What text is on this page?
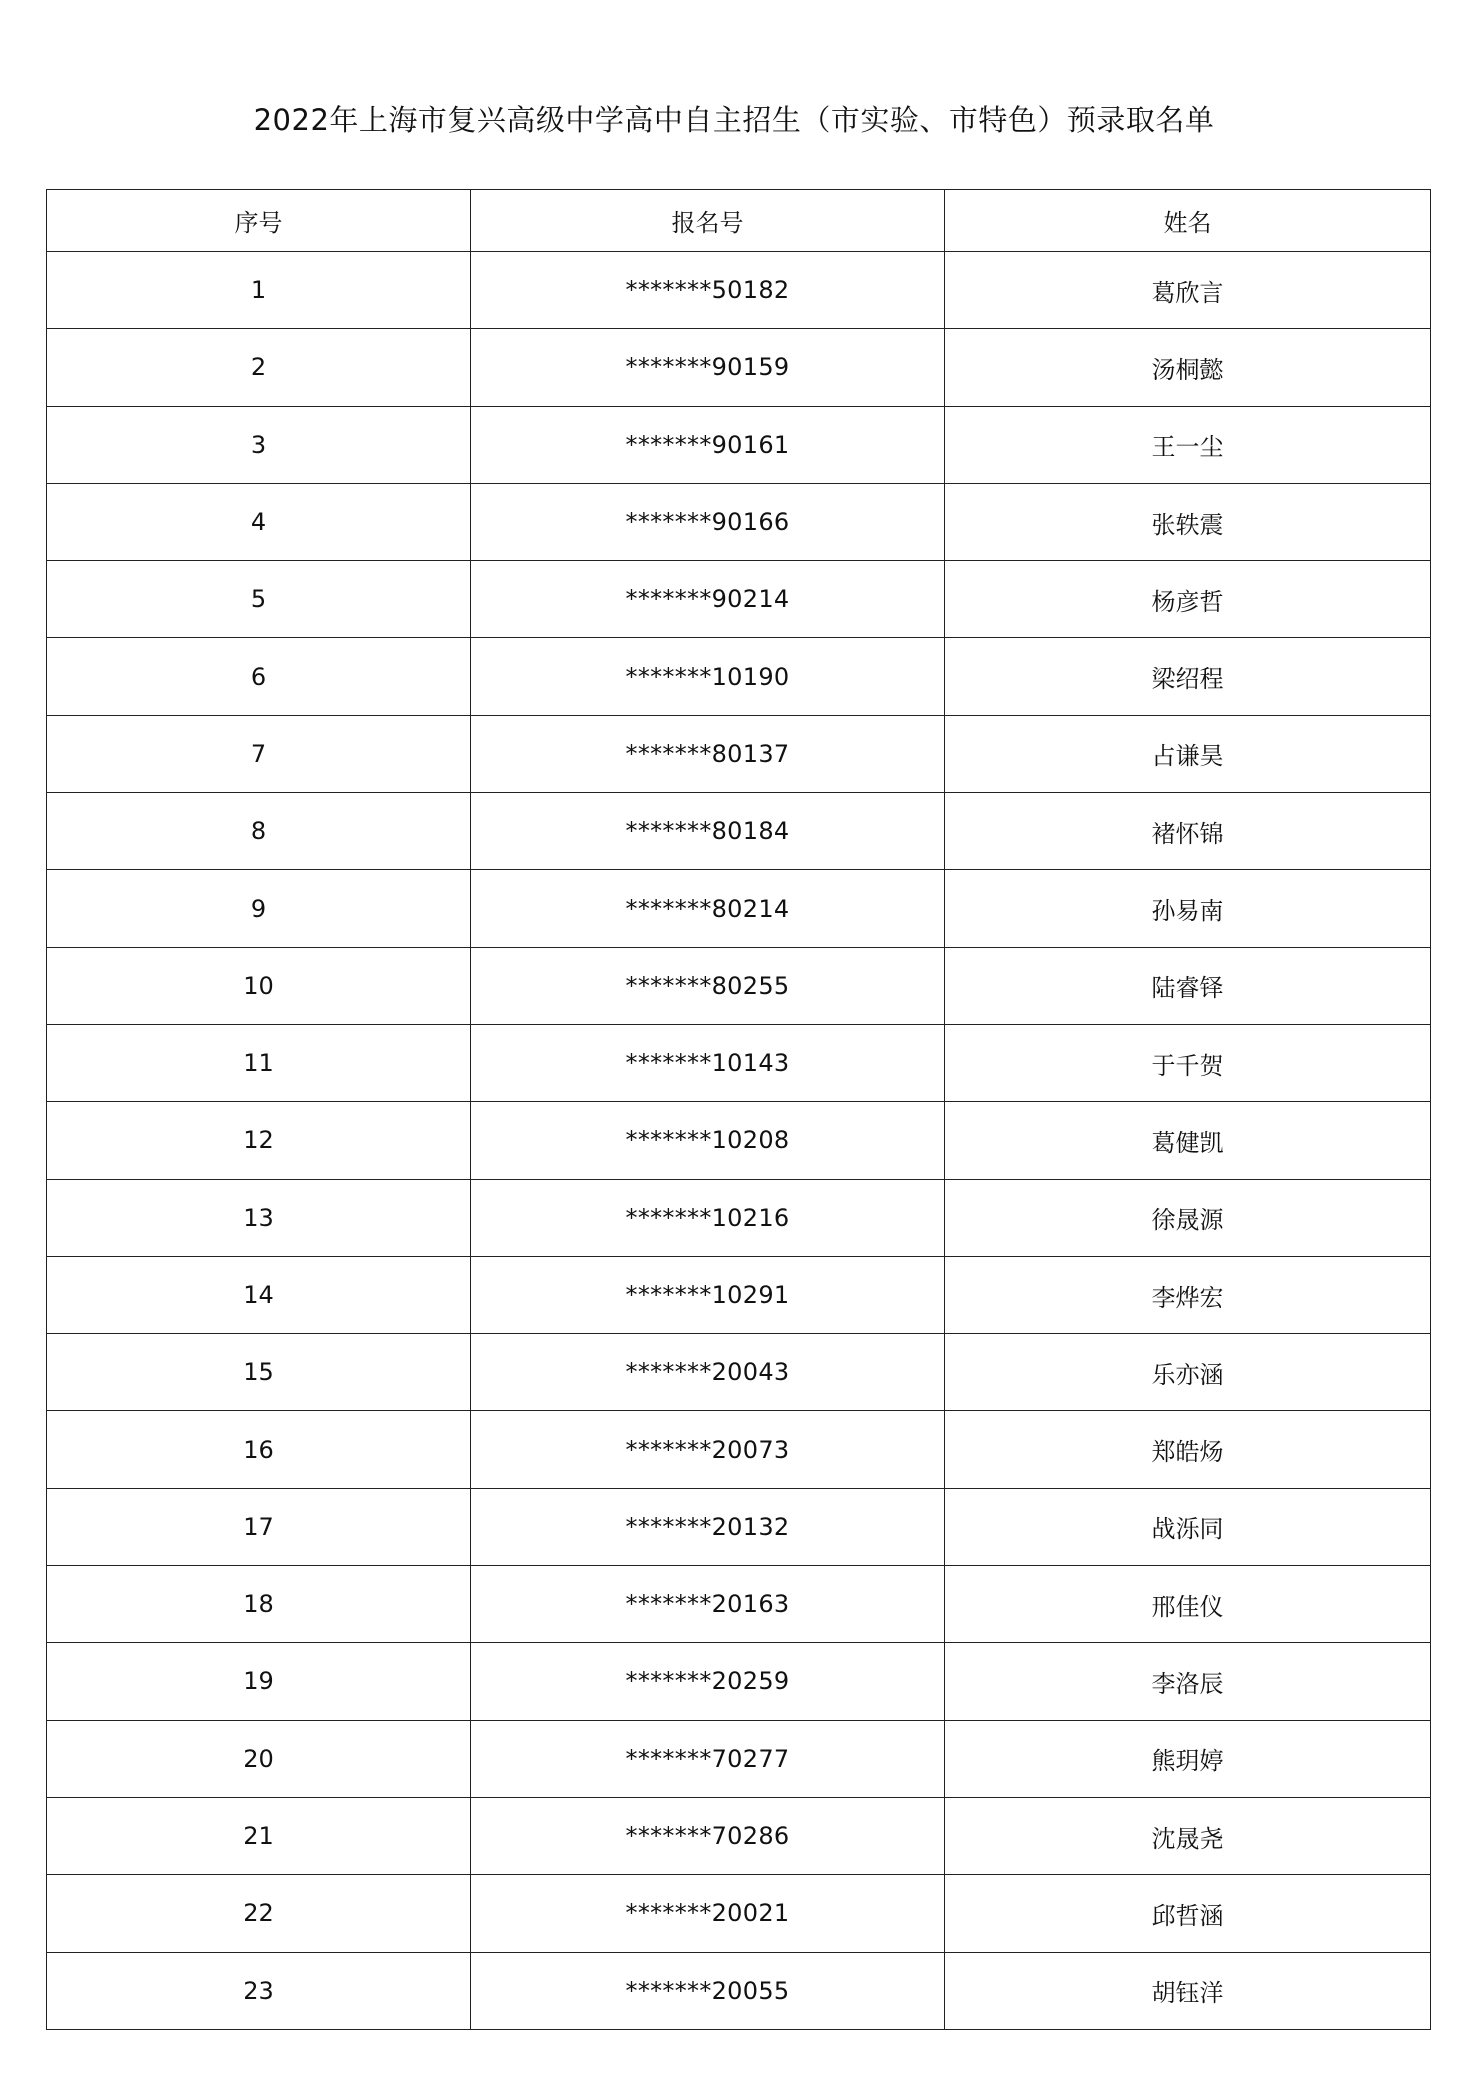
2022年上海市复兴高级中学高中自主招生（市实验、市特色）预录取名单
序号	报名号	姓名
1	*******50182	葛欣言
2	*******90159	汤桐懿
3	*******90161	王一尘
4	*******90166	张轶震
5	*******90214	杨彦哲
6	*******10190	梁绍程
7	*******80137	占谦昊
8	*******80184	褚怀锦
9	*******80214	孙易南
10	*******80255	陆睿铎
11	*******10143	于千贺
12	*******10208	葛健凯
13	*******10216	徐晟源
14	*******10291	李烨宏
15	*******20043	乐亦涵
16	*******20073	郑皓炀
17	*******20132	战泺同
18	*******20163	邢佳仪
19	*******20259	李洛辰
20	*******70277	熊玥婷
21	*******70286	沈晟尧
22	*******20021	邱哲涵
23	*******20055	胡钰洋
